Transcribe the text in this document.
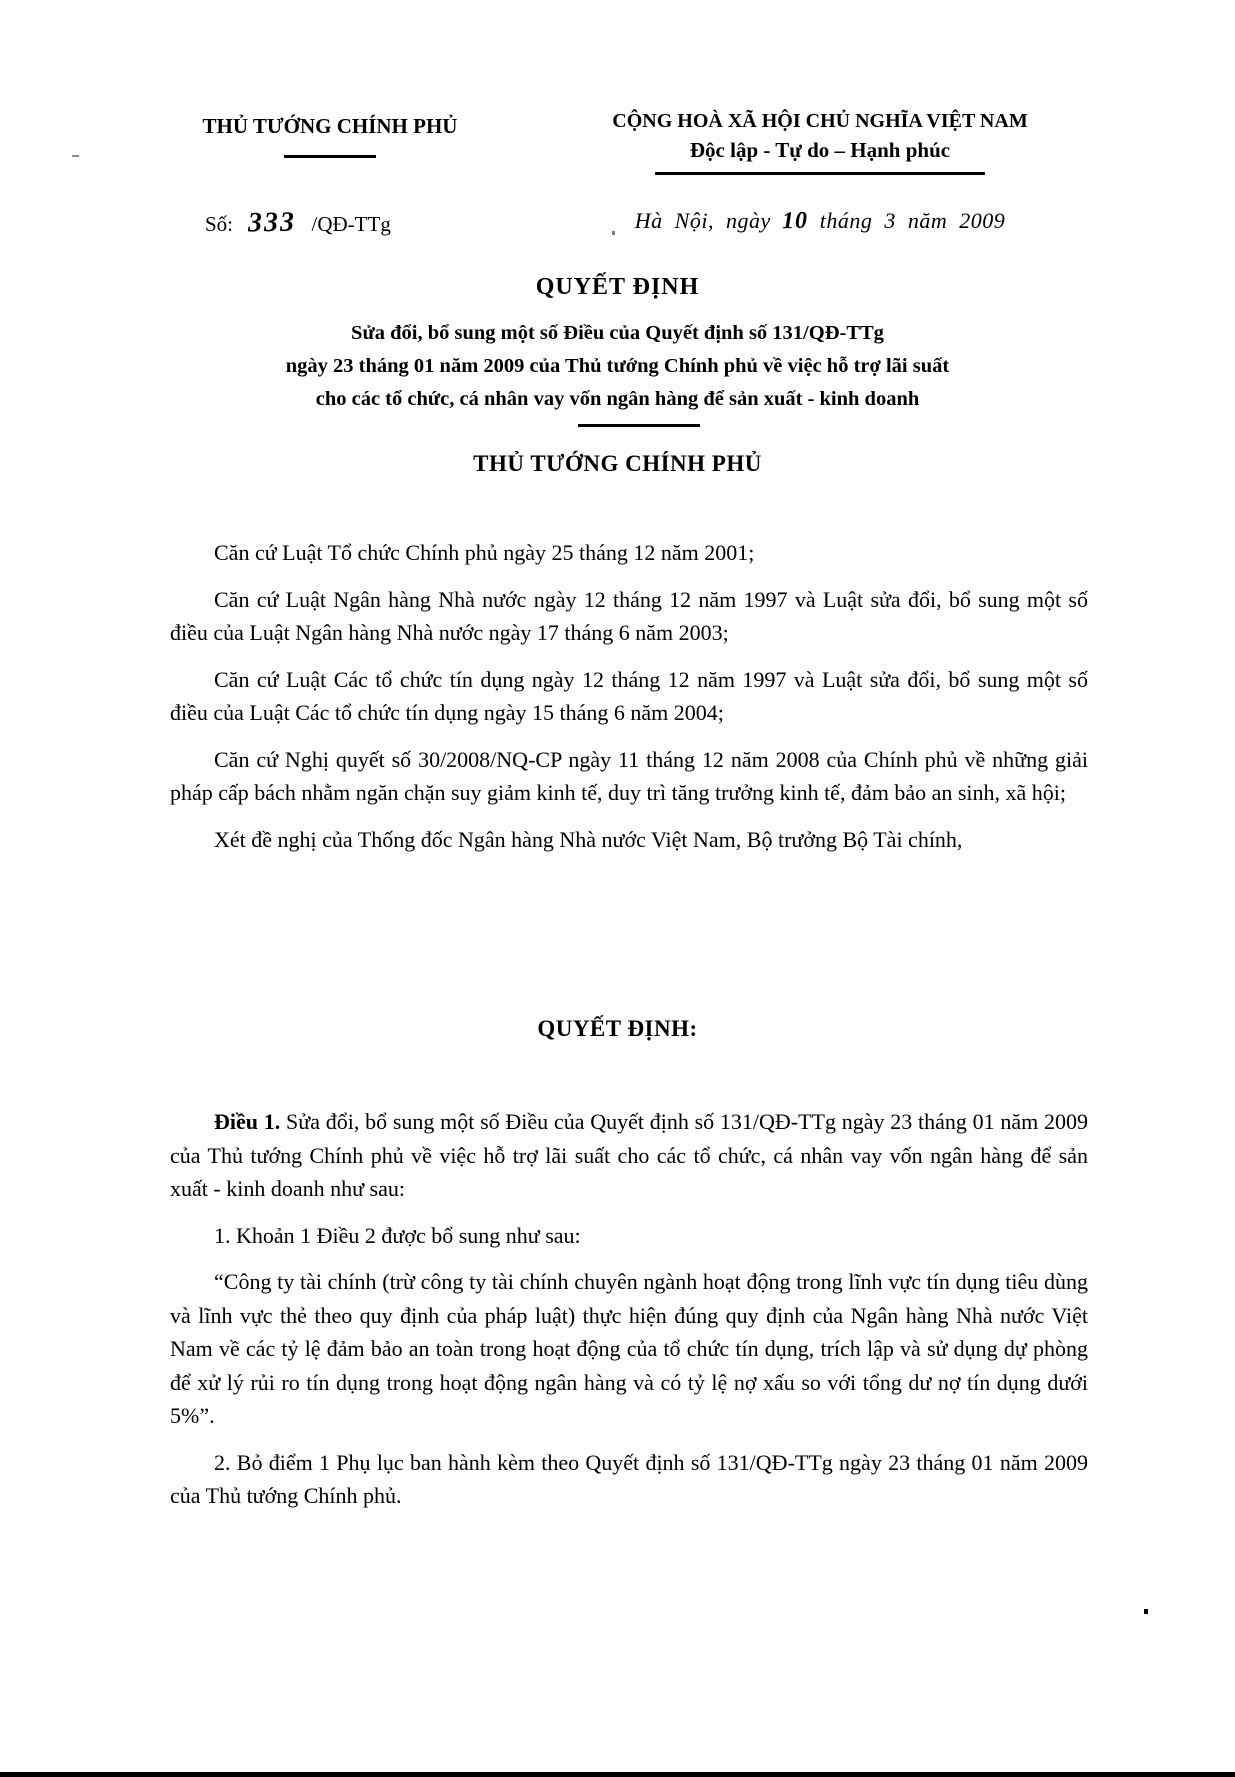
THỦ TƯỚNG CHÍNH PHỦ	CỘNG HOÀ XÃ HỘI CHỦ NGHĨA VIỆT NAM
Độc lập - Tự do – Hạnh phúc
Số: 333 /QĐ-TTg	Hà Nội, ngày 10 tháng 3 năm 2009
QUYẾT ĐỊNH
Sửa đổi, bổ sung một số Điều của Quyết định số 131/QĐ-TTg
ngày 23 tháng 01 năm 2009 của Thủ tướng Chính phủ về việc hỗ trợ lãi suất
cho các tổ chức, cá nhân vay vốn ngân hàng để sản xuất - kinh doanh
THỦ TƯỚNG CHÍNH PHỦ

Căn cứ Luật Tổ chức Chính phủ ngày 25 tháng 12 năm 2001;

Căn cứ Luật Ngân hàng Nhà nước ngày 12 tháng 12 năm 1997 và Luật sửa đổi, bổ sung một số điều của Luật Ngân hàng Nhà nước ngày 17 tháng 6 năm 2003;

Căn cứ Luật Các tổ chức tín dụng ngày 12 tháng 12 năm 1997 và Luật sửa đổi, bổ sung một số điều của Luật Các tổ chức tín dụng ngày 15 tháng 6 năm 2004;

Căn cứ Nghị quyết số 30/2008/NQ-CP ngày 11 tháng 12 năm 2008 của Chính phủ về những giải pháp cấp bách nhằm ngăn chặn suy giảm kinh tế, duy trì tăng trưởng kinh tế, đảm bảo an sinh, xã hội;

Xét đề nghị của Thống đốc Ngân hàng Nhà nước Việt Nam, Bộ trưởng Bộ Tài chính,

QUYẾT ĐỊNH:

Điều 1. Sửa đổi, bổ sung một số Điều của Quyết định số 131/QĐ-TTg ngày 23 tháng 01 năm 2009 của Thủ tướng Chính phủ về việc hỗ trợ lãi suất cho các tổ chức, cá nhân vay vốn ngân hàng để sản xuất - kinh doanh như sau:

1. Khoản 1 Điều 2 được bổ sung như sau:

“Công ty tài chính (trừ công ty tài chính chuyên ngành hoạt động trong lĩnh vực tín dụng tiêu dùng và lĩnh vực thẻ theo quy định của pháp luật) thực hiện đúng quy định của Ngân hàng Nhà nước Việt Nam về các tỷ lệ đảm bảo an toàn trong hoạt động của tổ chức tín dụng, trích lập và sử dụng dự phòng để xử lý rủi ro tín dụng trong hoạt động ngân hàng và có tỷ lệ nợ xấu so với tổng dư nợ tín dụng dưới 5%”.

2. Bỏ điểm 1 Phụ lục ban hành kèm theo Quyết định số 131/QĐ-TTg ngày 23 tháng 01 năm 2009 của Thủ tướng Chính phủ.
